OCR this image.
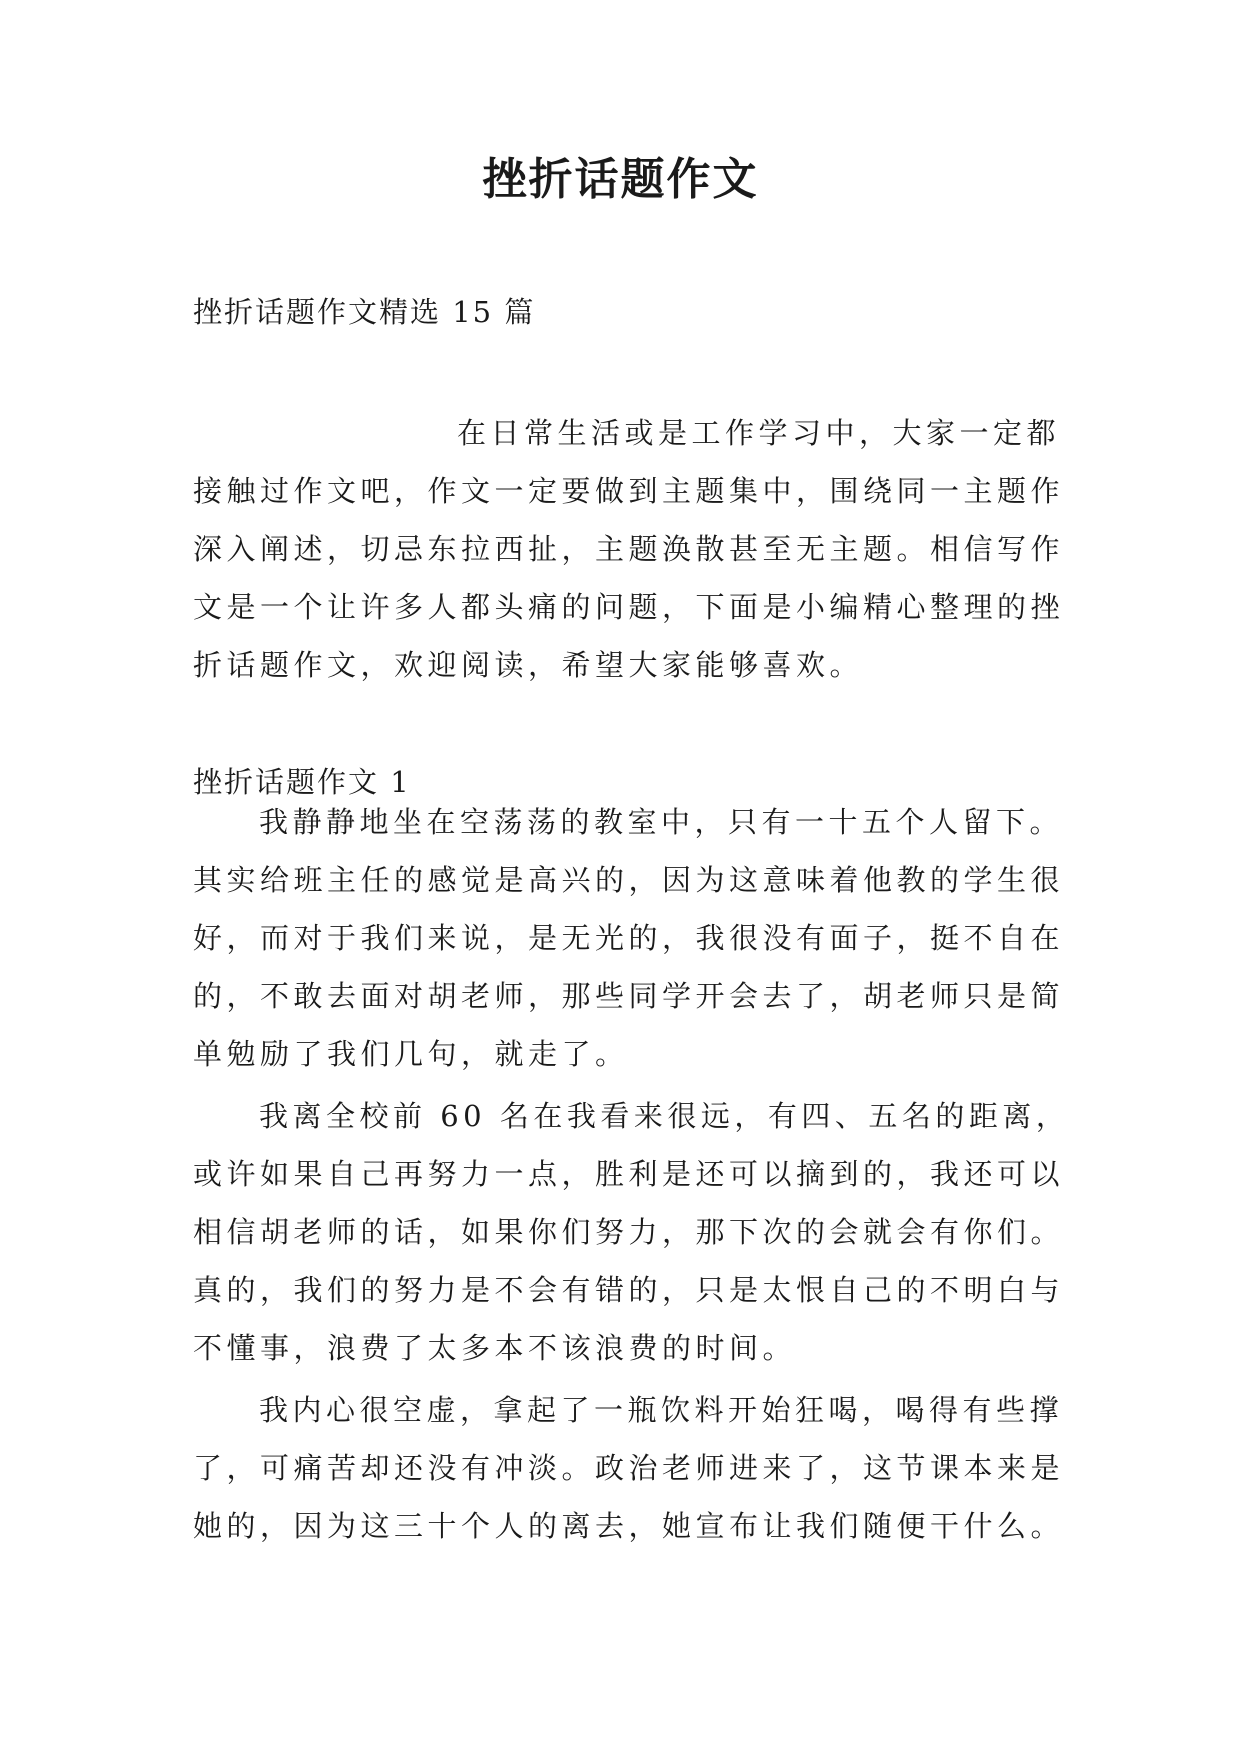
挫折话题作文
挫折话题作文精选 15 篇
在日常生活或是工作学习中，大家一定都
接触过作文吧，作文一定要做到主题集中，围绕同一主题作
深入阐述，切忌东拉西扯，主题涣散甚至无主题。相信写作
文是一个让许多人都头痛的问题，下面是小编精心整理的挫
折话题作文，欢迎阅读，希望大家能够喜欢。
挫折话题作文 1
我静静地坐在空荡荡的教室中，只有一十五个人留下。
其实给班主任的感觉是高兴的，因为这意味着他教的学生很
好，而对于我们来说，是无光的，我很没有面子，挺不自在
的，不敢去面对胡老师，那些同学开会去了，胡老师只是简
单勉励了我们几句，就走了。
我离全校前 60 名在我看来很远，有四、五名的距离，
或许如果自己再努力一点，胜利是还可以摘到的，我还可以
相信胡老师的话，如果你们努力，那下次的会就会有你们。
真的，我们的努力是不会有错的，只是太恨自己的不明白与
不懂事，浪费了太多本不该浪费的时间。
我内心很空虚，拿起了一瓶饮料开始狂喝，喝得有些撑
了，可痛苦却还没有冲淡。政治老师进来了，这节课本来是
她的，因为这三十个人的离去，她宣布让我们随便干什么。
